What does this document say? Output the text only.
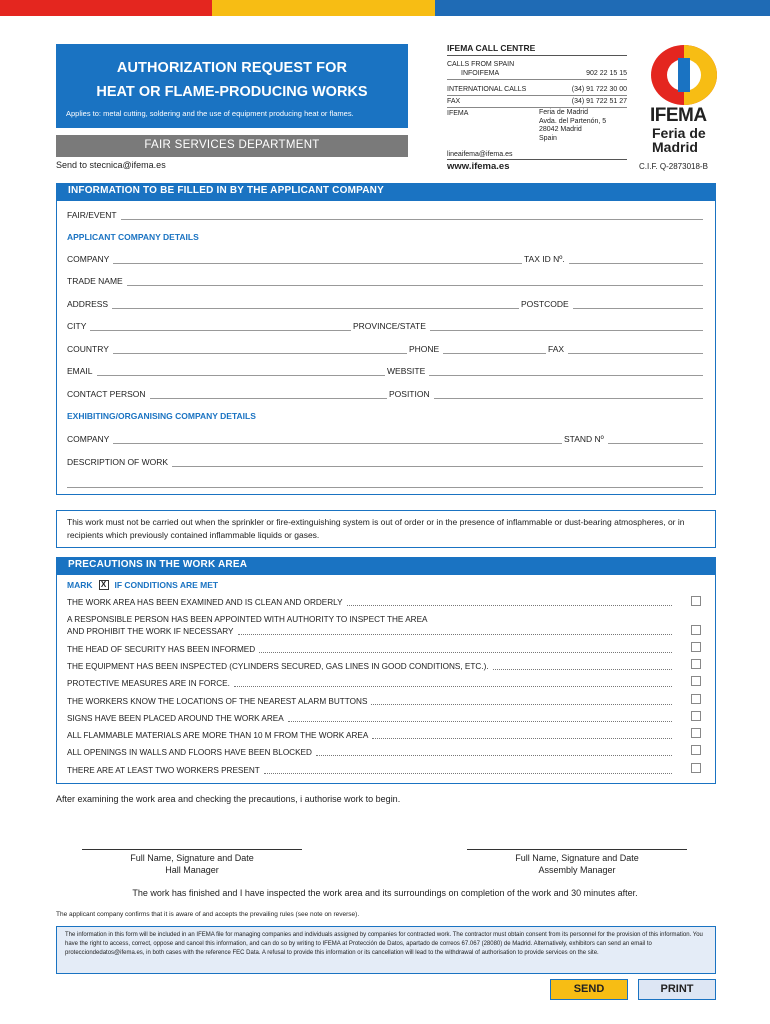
AUTHORIZATION REQUEST FOR
HEAT OR FLAME-PRODUCING WORKS
Applies to: metal cutting, soldering and the use of equipment producing heat or flames.
FAIR SERVICES DEPARTMENT
Send to stecnica@ifema.es
IFEMA CALL CENTRE
CALLS FROM SPAIN
INFOIFEMA	902 22 15 15
INTERNATIONAL CALLS	(34) 91 722 30 00
FAX	(34) 91 722 51 27
IFEMA	Feria de Madrid
Avda. del Partenón, 5
28042 Madrid
Spain
lineaifema@ifema.es
www.ifema.es
IFEMA
Feria de
Madrid
C.I.F. Q-2873018-B
INFORMATION TO BE FILLED IN BY THE APPLICANT COMPANY
FAIR/EVENT
APPLICANT COMPANY DETAILS
COMPANY	TAX ID Nº.
TRADE NAME
ADDRESS	POSTCODE
CITY	PROVINCE/STATE
COUNTRY	PHONE	FAX
EMAIL	WEBSITE
CONTACT PERSON	POSITION
EXHIBITING/ORGANISING COMPANY DETAILS
COMPANY	STAND Nº
DESCRIPTION OF WORK
This work must not be carried out when the sprinkler or fire-extinguishing system is out of order or in the presence of inflammable or dust-bearing atmospheres, or in recipients which previously contained inflammable liquids or gases.
PRECAUTIONS IN THE WORK AREA
MARK X IF CONDITIONS ARE MET
THE WORK AREA HAS BEEN EXAMINED AND IS CLEAN AND ORDERLY
A RESPONSIBLE PERSON HAS BEEN APPOINTED WITH AUTHORITY TO INSPECT THE AREA
AND PROHIBIT THE WORK IF NECESSARY
THE HEAD OF SECURITY HAS BEEN INFORMED
THE EQUIPMENT HAS BEEN INSPECTED (CYLINDERS SECURED, GAS LINES IN GOOD CONDITIONS, ETC.).
PROTECTIVE MEASURES ARE IN FORCE.
THE WORKERS KNOW THE LOCATIONS OF THE NEAREST ALARM BUTTONS
SIGNS HAVE BEEN PLACED AROUND THE WORK AREA
ALL FLAMMABLE MATERIALS ARE MORE THAN 10 M FROM THE WORK AREA
ALL OPENINGS IN WALLS AND FLOORS HAVE BEEN BLOCKED
THERE ARE AT LEAST TWO WORKERS PRESENT
After examining the work area and checking the precautions, i authorise work to begin.
Full Name, Signature and Date
Hall Manager
Full Name, Signature and Date
Assembly Manager
The work has finished and I have inspected the work area and its surroundings on completion of the work and 30 minutes after.
The applicant company confirms that it is aware of and accepts the prevailing rules (see note on reverse).
The information in this form will be included in an IFEMA file for managing companies and individuals assigned by companies for contracted work. The contractor must obtain consent from its personnel for the provision of this information. You have the right to access, correct, oppose and cancel this information, and can do so by writing to IFEMA at Protección de Datos, apartado de correos 67.067 (28080) de Madrid. Alternatively, exhibitors can send an email to protecciondedatos@ifema.es, in both cases with the reference FEC Data. A refusal to provide this information or its cancellation will lead to the withdrawal of authorisation to provide services on the site.
SEND	PRINT
